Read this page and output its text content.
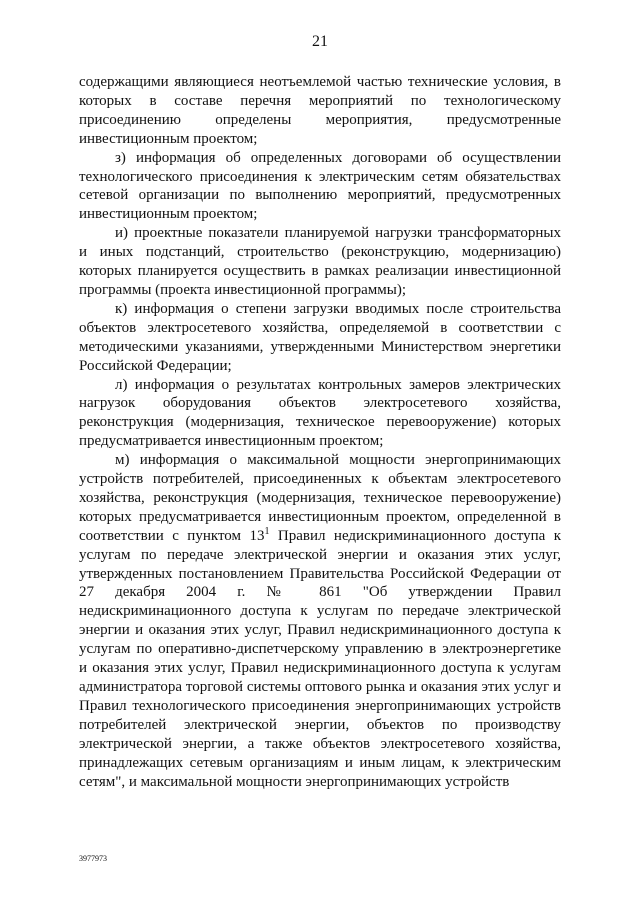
21

содержащими являющиеся неотъемлемой частью технические условия, в которых в составе перечня мероприятий по технологическому присоединению определены мероприятия, предусмотренные инвестиционным проектом;

з) информация об определенных договорами об осуществлении технологического присоединения к электрическим сетям обязательствах сетевой организации по выполнению мероприятий, предусмотренных инвестиционным проектом;

и) проектные показатели планируемой нагрузки трансформаторных и иных подстанций, строительство (реконструкцию, модернизацию) которых планируется осуществить в рамках реализации инвестиционной программы (проекта инвестиционной программы);

к) информация о степени загрузки вводимых после строительства объектов электросетевого хозяйства, определяемой в соответствии с методическими указаниями, утвержденными Министерством энергетики Российской Федерации;

л) информация о результатах контрольных замеров электрических нагрузок оборудования объектов электросетевого хозяйства, реконструкция (модернизация, техническое перевооружение) которых предусматривается инвестиционным проектом;

м) информация о максимальной мощности энергопринимающих устройств потребителей, присоединенных к объектам электросетевого хозяйства, реконструкция (модернизация, техническое перевооружение) которых предусматривается инвестиционным проектом, определенной в соответствии с пунктом $13^1$ Правил недискриминационного доступа к услугам по передаче электрической энергии и оказания этих услуг, утвержденных постановлением Правительства Российской Федерации от 27 декабря 2004 г. № 861 "Об утверждении Правил недискриминационного доступа к услугам по передаче электрической энергии и оказания этих услуг, Правил недискриминационного доступа к услугам по оперативно-диспетчерскому управлению в электроэнергетике и оказания этих услуг, Правил недискриминационного доступа к услугам администратора торговой системы оптового рынка и оказания этих услуг и Правил технологического присоединения энергопринимающих устройств потребителей электрической энергии, объектов по производству электрической энергии, а также объектов электросетевого хозяйства, принадлежащих сетевым организациям и иным лицам, к электрическим сетям", и максимальной мощности энергопринимающих устройств

3977973
